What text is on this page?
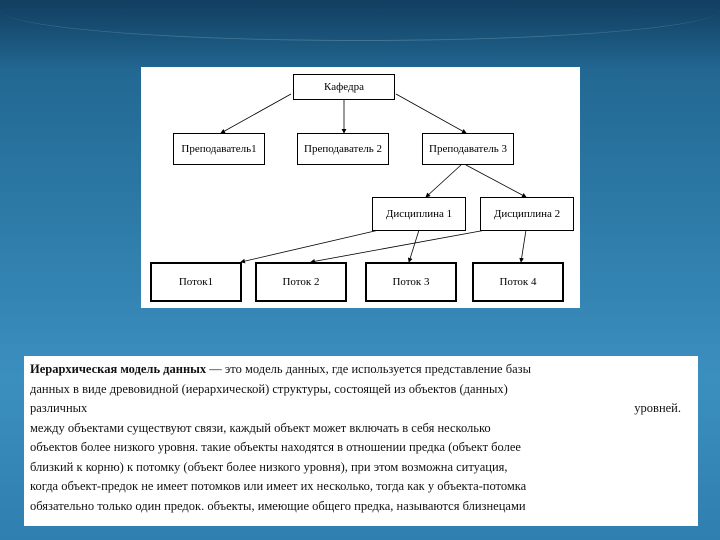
Кафедра
Преподаватель1	Преподаватель 2	Преподаватель 3
Дисциплина 1	Дисциплина 2
Поток1	Поток 2	Поток 3	Поток 4
Иерархическая модель данных — это модель данных, где используется представление базы
данных в виде древовидной (иерархической) структуры, состоящей из объектов (данных)
различных уровней.
между объектами существуют связи, каждый объект может включать в себя несколько
объектов более низкого уровня. такие объекты находятся в отношении предка (объект более
близкий к корню) к потомку (объект более низкого уровня), при этом возможна ситуация,
когда объект-предок не имеет потомков или имеет их несколько, тогда как у объекта-потомка
обязательно только один предок. объекты, имеющие общего предка, называются близнецами
